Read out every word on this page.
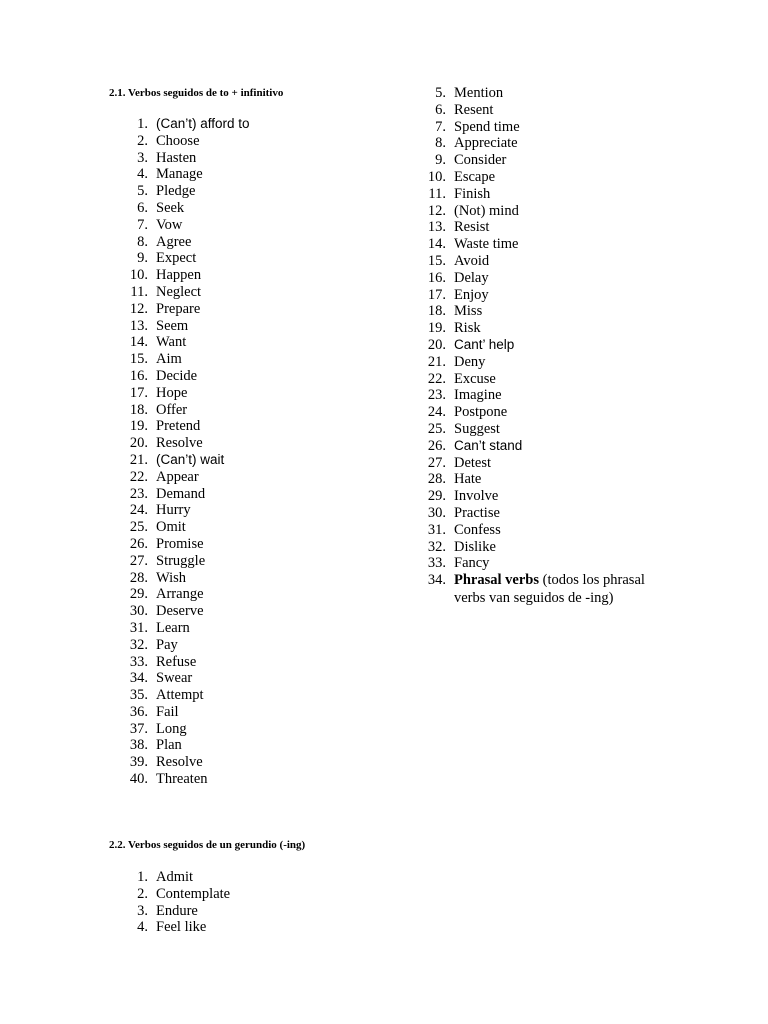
2.1. Verbos seguidos de to + infinitivo
1. (Can’t) afford to
2. Choose
3. Hasten
4. Manage
5. Pledge
6. Seek
7. Vow
8. Agree
9. Expect
10. Happen
11. Neglect
12. Prepare
13. Seem
14. Want
15. Aim
16. Decide
17. Hope
18. Offer
19. Pretend
20. Resolve
21. (Can’t) wait
22. Appear
23. Demand
24. Hurry
25. Omit
26. Promise
27. Struggle
28. Wish
29. Arrange
30. Deserve
31. Learn
32. Pay
33. Refuse
34. Swear
35. Attempt
36. Fail
37. Long
38. Plan
39. Resolve
40. Threaten
5. Mention
6. Resent
7. Spend time
8. Appreciate
9. Consider
10. Escape
11. Finish
12. (Not) mind
13. Resist
14. Waste time
15. Avoid
16. Delay
17. Enjoy
18. Miss
19. Risk
20. Cant’ help
21. Deny
22. Excuse
23. Imagine
24. Postpone
25. Suggest
26. Can’t stand
27. Detest
28. Hate
29. Involve
30. Practise
31. Confess
32. Dislike
33. Fancy
34. Phrasal verbs (todos los phrasal
verbs van seguidos de -ing)
2.2. Verbos seguidos de un gerundio (-ing)
1. Admit
2. Contemplate
3. Endure
4. Feel like
